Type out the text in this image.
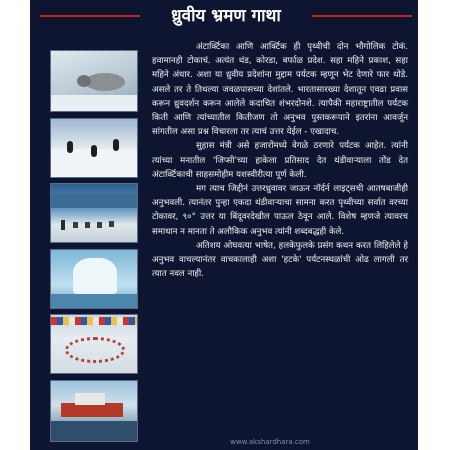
ध्रुवीय भ्रमण गाथा

अंटार्क्टिका आणि आर्क्टिक ही पृथ्वीची दोन भौगोलिक टोकं. हवामानही टोकाचं. अत्यंत थंड, कोरडा, बर्फाळ प्रदेश. सहा महिने प्रकाश, सहा महिने अंधार. अशा या ध्रुवीय प्रदेशांना मुद्दाम पर्यटक म्हणून भेट देणारे फार थोडे. असले तर ते तिथल्या जवळपासच्या देशांतले. भारतासारख्या देशातून एवढा प्रवास करून ध्रुवदर्शन करून आलेले कदाचित शंभरदोनशे. त्यापैकी महाराष्ट्रातील पर्यटक किती आणि त्यांच्यातील कितीजण तो अनुभव पुस्तकरूपाने इतरांना आवर्जून सांगतील असा प्रश्न विचारला तर त्याचं उत्तर येईल - एखादाच.

सुहास मंत्री असे हजारोंमध्ये वेगळे ठरणारे पर्यटक आहेत. त्यांनी त्यांच्या मनातील 'जिप्सी'च्या हाकेला प्रतिसाद देत थंडीवाऱ्याला तोंड देत अंटार्क्टिकाची साहसमोहीम यशस्वीरीत्या पूर्ण केली.

मग त्याच जिद्दीनं उत्तरध्रुवावर जाऊन नॉर्दर्न लाइट्सची आतषबाजीही अनुभवली. त्यानंतर पुन्हा एकदा थंडीवाऱ्याचा सामना करत पृथ्वीच्या सर्वात वरच्या टोकावर, ९०° उत्तर या बिंदूवरदेखील पाऊल ठेवून आले. विशेष म्हणजे त्यावरच समाधान न मानता ते अलौकिक अनुभव त्यांनी शब्दबद्धही केले.

अतिशय ओघवत्या भाषेत, हलकेफुलके प्रसंग कथन करत लिहिलेले हे अनुभव वाचल्यानंतर वाचकालाही अशा 'हटके' पर्यटनस्थळांची ओढ लागली तर त्यात नवल नाही.

www.akshardhara.com
